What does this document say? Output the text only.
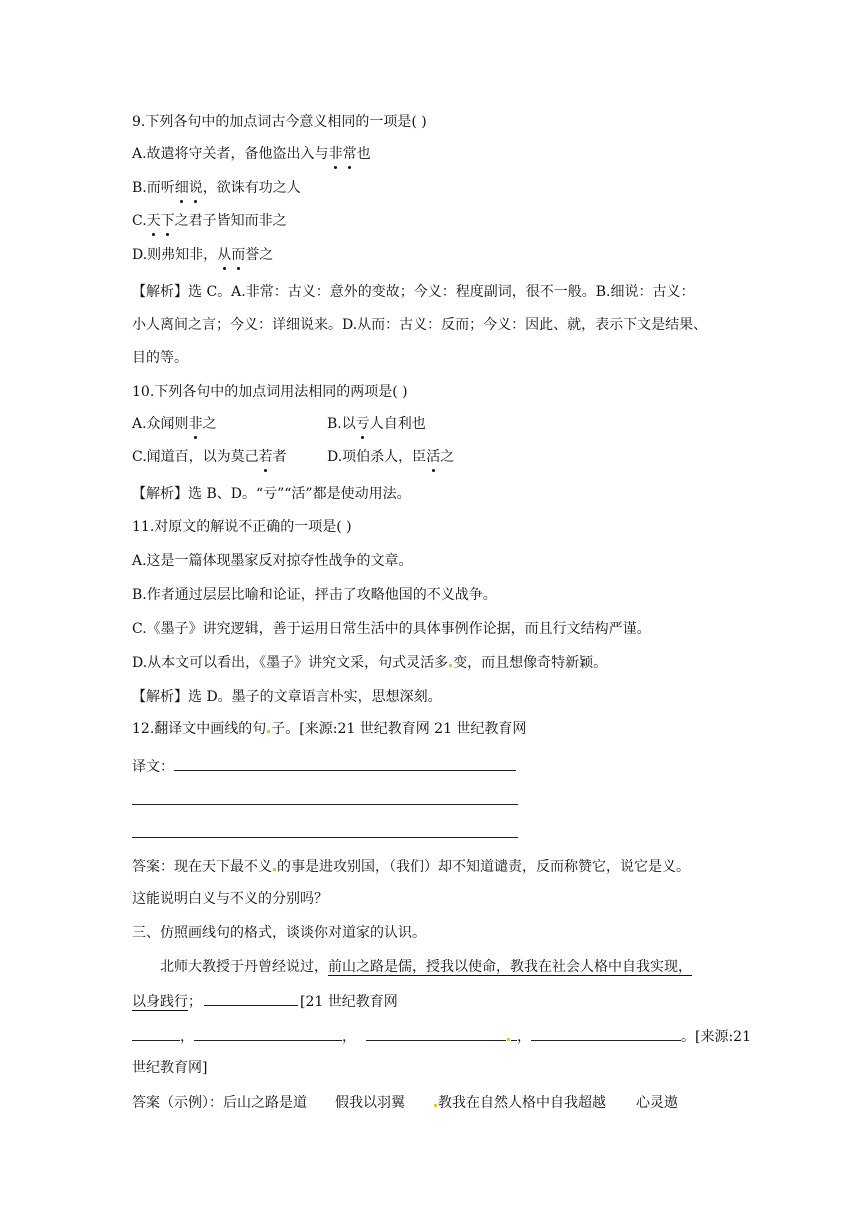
9.下列各句中的加点词古今意义相同的一项是( )
A.故遣将守关者，备他盗出入与非常也
B.而听细说，欲诛有功之人
C.天下之君子皆知而非之
D.则弗知非，从而誉之
【解析】选 C。A.非常：古义：意外的变故；今义：程度副词，很不一般。B.细说：古义：
小人离间之言；今义：详细说来。D.从而：古义：反而；今义：因此、就，表示下文是结果、
目的等。
10.下列各句中的加点词用法相同的两项是( )
A.众闻则非之	B.以亏人自利也
C.闻道百，以为莫己若者	D.项伯杀人，臣活之
【解析】选 B、D。“亏”“活”都是使动用法。
11.对原文的解说不正确的一项是( )
A.这是一篇体现墨家反对掠夺性战争的文章。
B.作者通过层层比喻和论证，抨击了攻略他国的不义战争。
C.《墨子》讲究逻辑，善于运用日常生活中的具体事例作论据，而且行文结构严谨。
D.从本文可以看出，《墨子》讲究文采，句式灵活多 变，而且想像奇特新颖。
【解析】选 D。墨子的文章语言朴实，思想深刻。
12.翻译文中画线的句 子。[来源:21 世纪教育网 21 世纪教育网
译文：
答案：现在天下最不义 的事是进攻别国，（我们）却不知道谴责，反而称赞它，说它是义。
这能说明白义与不义的分别吗？
三、仿照画线句的格式，谈谈你对道家的认识。
北师大教授于丹曾经说过，前山之路是儒，授我以使命，教我在社会人格中自我实现，
以身践行；	[21 世纪教育网
，	，	，	。[来源:21
世纪教育网]
答案（示例）：后山之路是道 假我以羽翼 教我在自然人格中自我超越 心灵遨
